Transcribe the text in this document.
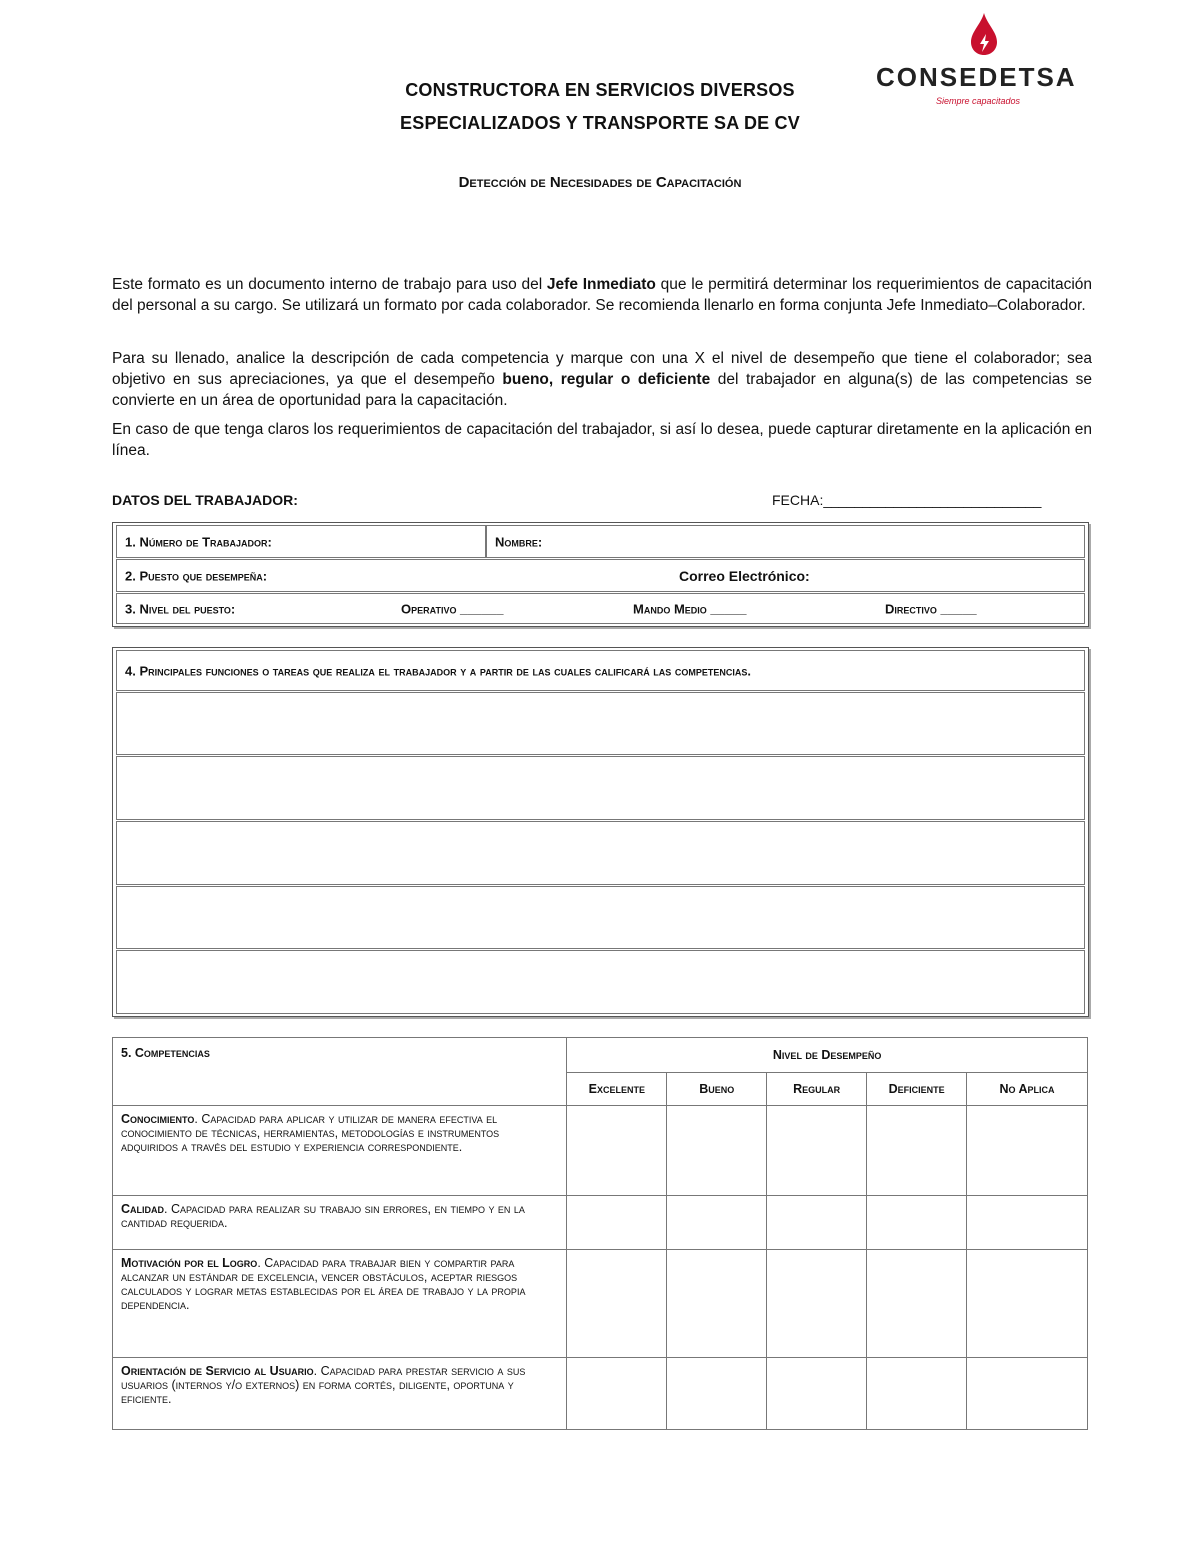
CONSEDETSA
Siempre capacitados
CONSTRUCTORA EN SERVICIOS DIVERSOS
ESPECIALIZADOS Y TRANSPORTE SA DE CV
Detección de Necesidades de Capacitación
Este formato es un documento interno de trabajo para uso del Jefe Inmediato que le permitirá determinar los requerimientos de capacitación del personal a su cargo. Se utilizará un formato por cada colaborador. Se recomienda llenarlo en forma conjunta Jefe Inmediato–Colaborador.
Para su llenado, analice la descripción de cada competencia y marque con una X el nivel de desempeño que tiene el colaborador; sea objetivo en sus apreciaciones, ya que el desempeño bueno, regular o deficiente del trabajador en alguna(s) de las competencias se convierte en un área de oportunidad para la capacitación.
En caso de que tenga claros los requerimientos de capacitación del trabajador, si así lo desea, puede capturar diretamente en la aplicación en línea.
DATOS DEL TRABAJADOR:	FECHA:____________________________
1. Número de Trabajador:	Nombre:
2. Puesto que desempeña:	Correo Electrónico:
3. Nivel del puesto:	Operativo ______	Mando Medio _____	Directivo _____
4. Principales funciones o tareas que realiza el trabajador y a partir de las cuales calificará las competencias.
5. Competencias	Nivel de Desempeño				
	Excelente	Bueno	Regular	Deficiente	No Aplica
Conocimiento. Capacidad para aplicar y utilizar de manera efectiva el conocimiento de técnicas, herramientas, metodologías e instrumentos adquiridos a través del estudio y experiencia correspondiente.					
Calidad. Capacidad para realizar su trabajo sin errores, en tiempo y en la cantidad requerida.					
Motivación por el Logro. Capacidad para trabajar bien y compartir para alcanzar un estándar de excelencia, vencer obstáculos, aceptar riesgos calculados y lograr metas establecidas por el área de trabajo y la propia dependencia.					
Orientación de Servicio al Usuario. Capacidad para prestar servicio a sus usuarios (internos y/o externos) en forma cortés, diligente, oportuna y eficiente.					
